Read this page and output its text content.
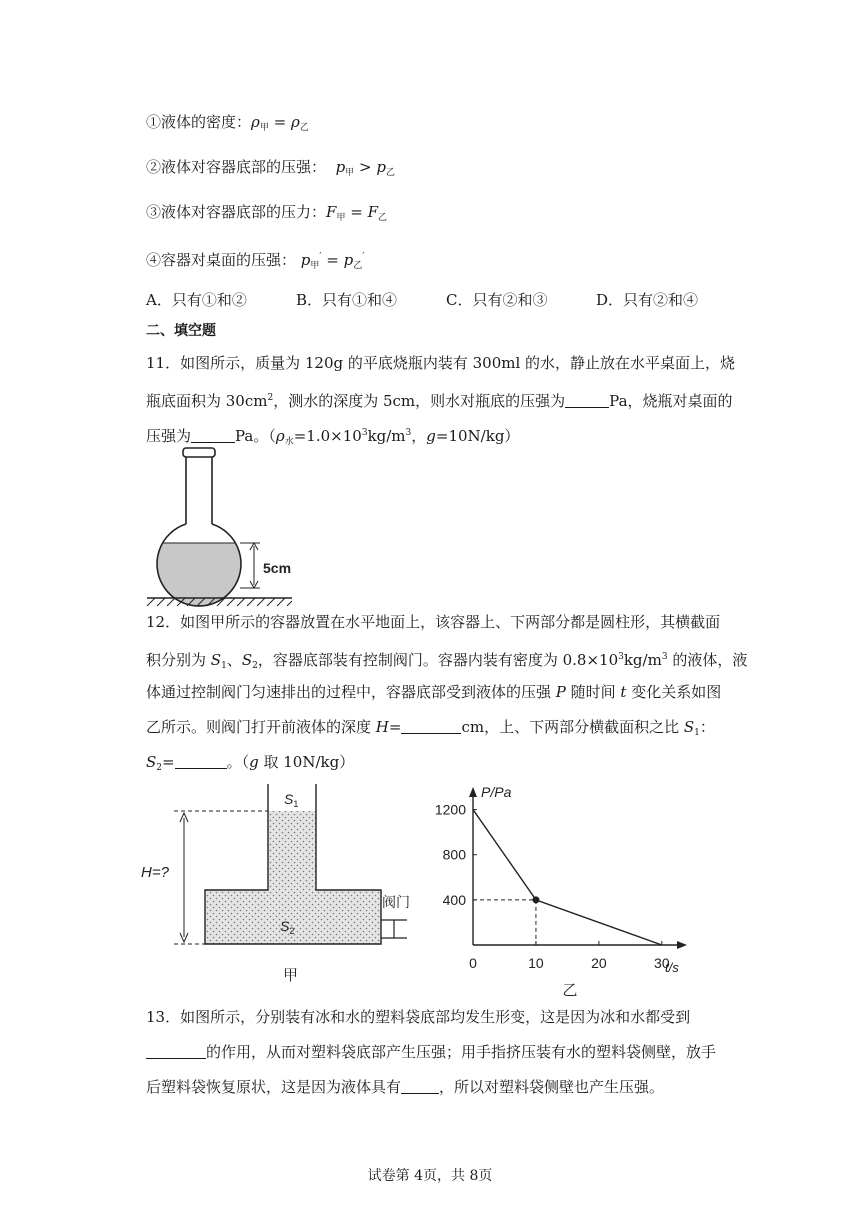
①液体的密度：$\rho_甲 = \rho_乙$
②液体对容器底部的压强： $p_甲 > p_乙$
③液体对容器底部的压力：$F_甲 = F_乙$
④容器对桌面的压强： $p_甲' = p_乙'$
A．只有①和②	B．只有①和④	C．只有②和③	D．只有②和④
二、填空题
11．如图所示，质量为 120g 的平底烧瓶内装有 300ml 的水，静止放在水平桌面上，烧
瓶底面积为 $30cm^2$，测水的深度为 5cm，则水对瓶底的压强为	Pa，烧瓶对桌面的
压强为	Pa。（$\rho_水=1.0\times 10^3kg/m^3$，g=10N/kg）
5cm
12．如图甲所示的容器放置在水平地面上，该容器上、下两部分都是圆柱形，其横截面
积分别为 $S_1$、$S_2$，容器底部装有控制阀门。容器内装有密度为 $0.8\times 10^3kg/m^3$ 的液体，液
体通过控制阀门匀速排出的过程中，容器底部受到液体的压强 P 随时间 t 变化关系如图
乙所示。则阀门打开前液体的深度 H=	cm，上、下两部分横截面积之比 $S_1$：
$S_2=$	。（g 取 10N/kg）
$S_1$
$S_2$
H=?
阀门
甲
P/Pa
t/s
0	10	20	30
400
800
1200
乙
13．如图所示，分别装有冰和水的塑料袋底部均发生形变，这是因为冰和水都受到
的作用，从而对塑料袋底部产生压强；用手指挤压装有水的塑料袋侧壁，放手
后塑料袋恢复原状，这是因为液体具有	，所以对塑料袋侧壁也产生压强。
试卷第 4页，共 8页
